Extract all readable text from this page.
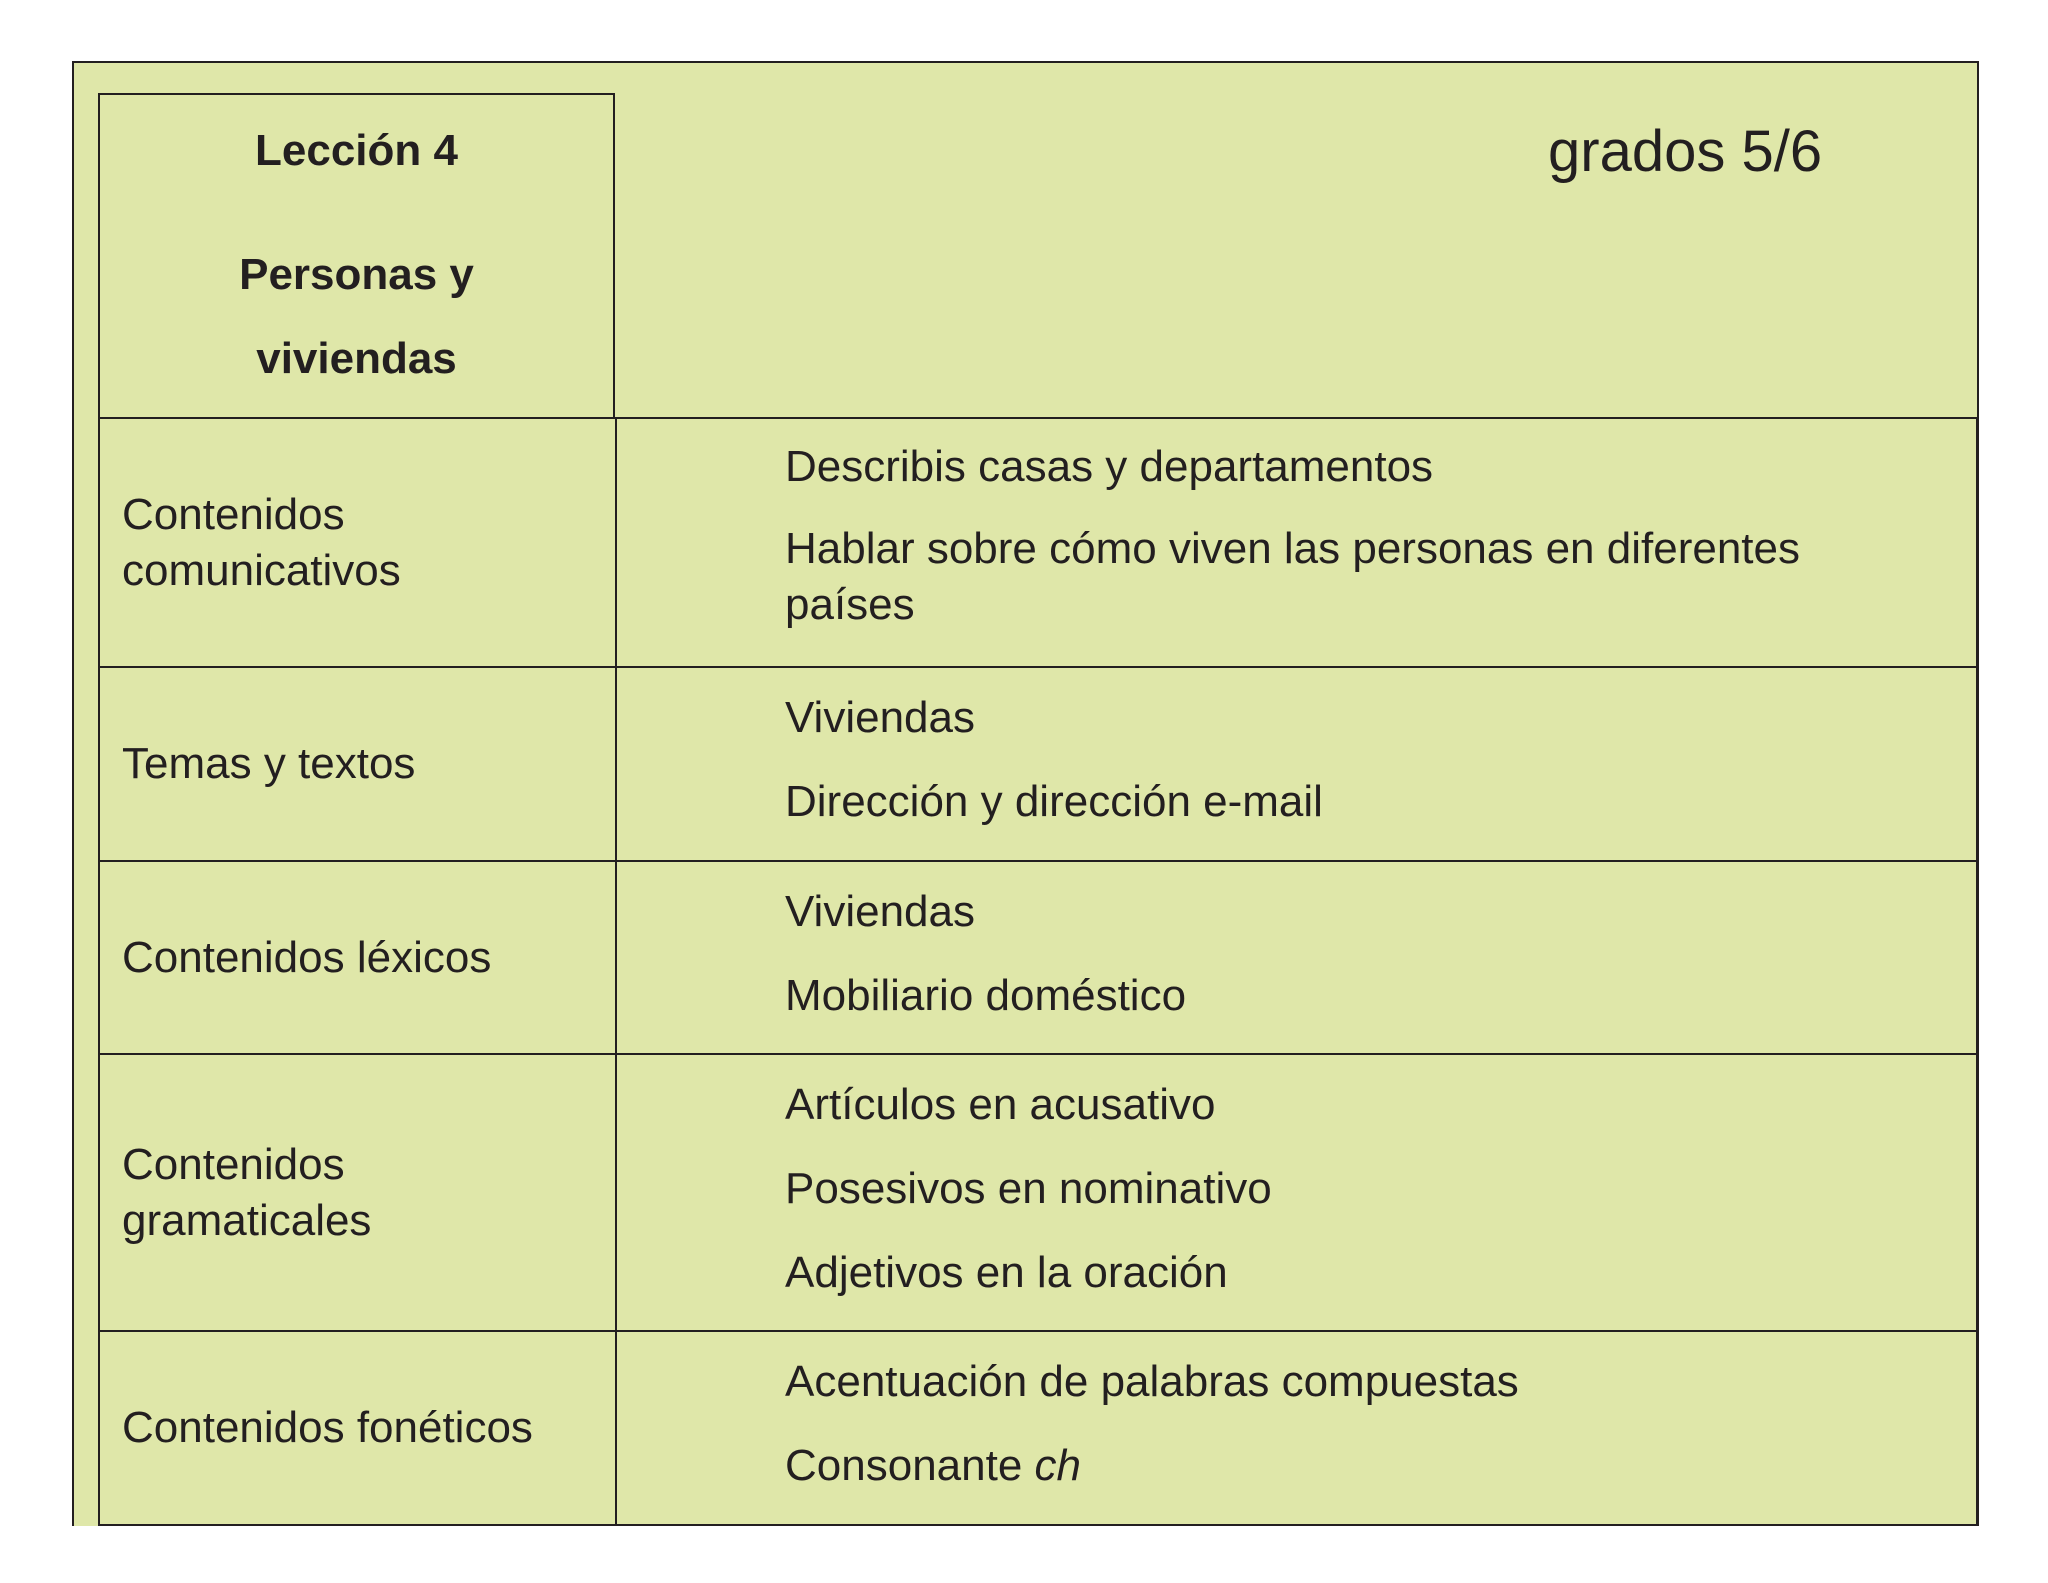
Lección 4
Personas y
viviendas
grados 5/6
Contenidos comunicativos	Describis casas y departamentos
Hablar sobre cómo viven las personas en diferentes países

Temas y textos	Viviendas
Dirección y dirección e-mail

Contenidos léxicos	Viviendas
Mobiliario doméstico

Contenidos gramaticales	Artículos en acusativo
Posesivos en nominativo
Adjetivos en la oración

Contenidos fonéticos	Acentuación de palabras compuestas
Consonante ch
